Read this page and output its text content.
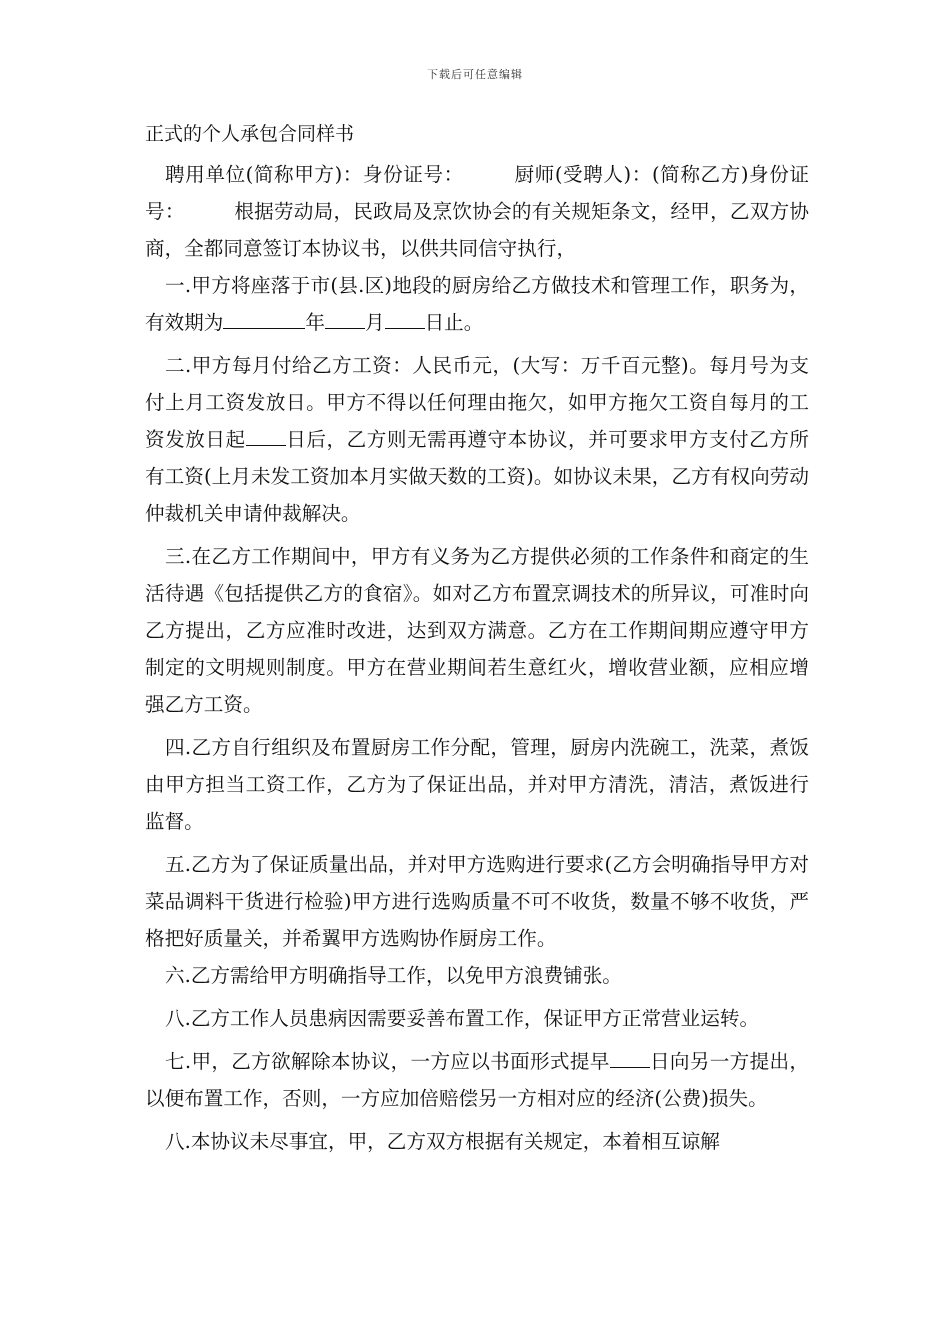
下载后可任意编辑
正式的个人承包合同样书

聘用单位(简称甲方)：身份证号：　　　厨师(受聘人)：(简称乙方)身份证号：　　　根据劳动局，民政局及烹饮协会的有关规矩条文，经甲，乙双方协商，全都同意签订本协议书，以供共同信守执行，

一.甲方将座落于市(县.区)地段的厨房给乙方做技术和管理工作，职务为，有效期为	年 月 日止。

二.甲方每月付给乙方工资：人民币元，(大写：万千百元整)。每月号为支付上月工资发放日。甲方不得以任何理由拖欠，如甲方拖欠工资自每月的工资发放日起 日后，乙方则无需再遵守本协议，并可要求甲方支付乙方所有工资(上月未发工资加本月实做天数的工资)。如协议未果，乙方有权向劳动仲裁机关申请仲裁解决。

三.在乙方工作期间中，甲方有义务为乙方提供必须的工作条件和商定的生活待遇《包括提供乙方的食宿》。如对乙方布置烹调技术的所异议，可准时向乙方提出，乙方应准时改进，达到双方满意。乙方在工作期间期应遵守甲方制定的文明规则制度。甲方在营业期间若生意红火，增收营业额，应相应增强乙方工资。

四.乙方自行组织及布置厨房工作分配，管理，厨房内洗碗工，洗菜，煮饭由甲方担当工资工作，乙方为了保证出品，并对甲方清洗，清洁，煮饭进行监督。

五.乙方为了保证质量出品，并对甲方选购进行要求(乙方会明确指导甲方对菜品调料干货进行检验)甲方进行选购质量不可不收货，数量不够不收货，严格把好质量关，并希翼甲方选购协作厨房工作。

六.乙方需给甲方明确指导工作，以免甲方浪费铺张。

八.乙方工作人员患病因需要妥善布置工作，保证甲方正常营业运转。

七.甲，乙方欲解除本协议，一方应以书面形式提早 日向另一方提出，以便布置工作，否则，一方应加倍赔偿另一方相对应的经济(公费)损失。

八.本协议未尽事宜，甲，乙方双方根据有关规定，本着相互谅解
